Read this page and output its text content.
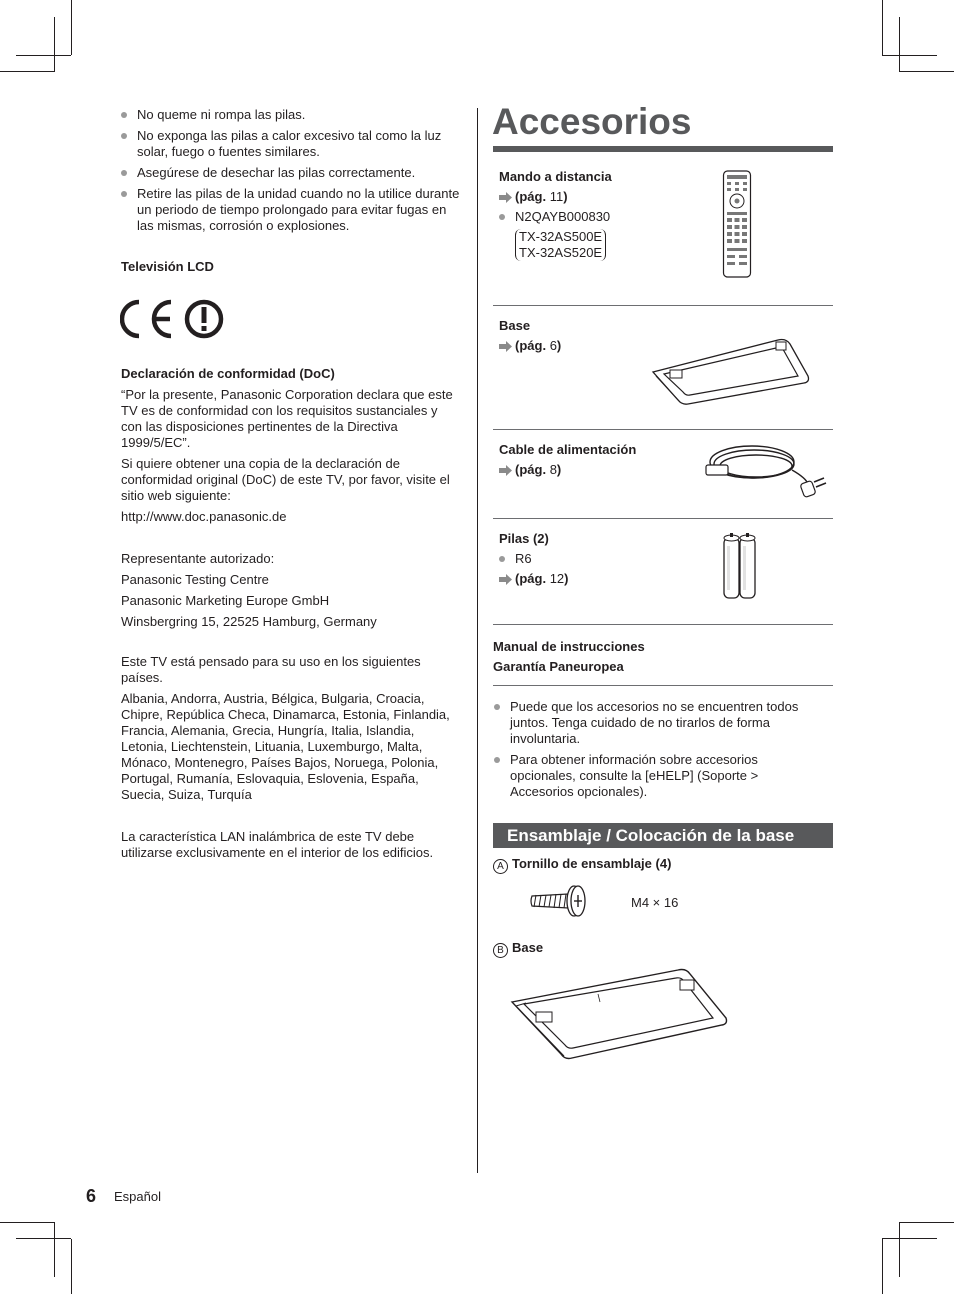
No queme ni rompa las pilas.
No exponga las pilas a calor excesivo tal como la luz solar, fuego o fuentes similares.
Asegúrese de desechar las pilas correctamente.
Retire las pilas de la unidad cuando no la utilice durante un periodo de tiempo prolongado para evitar fugas en las mismas, corrosión o explosiones.
Televisión LCD
Declaración de conformidad (DoC)
“Por la presente, Panasonic Corporation declara que este TV es de conformidad con los requisitos sustanciales y con las disposiciones pertinentes de la Directiva 1999/5/EC”.
Si quiere obtener una copia de la declaración de conformidad original (DoC) de este TV, por favor, visite el sitio web siguiente:
http://www.doc.panasonic.de
Representante autorizado:
Panasonic Testing Centre
Panasonic Marketing Europe GmbH
Winsbergring 15, 22525 Hamburg, Germany
Este TV está pensado para su uso en los siguientes países.
Albania, Andorra, Austria, Bélgica, Bulgaria, Croacia, Chipre, República Checa, Dinamarca, Estonia, Finlandia, Francia, Alemania, Grecia, Hungría, Italia, Islandia, Letonia, Liechtenstein, Lituania, Luxemburgo, Malta, Mónaco, Montenegro, Países Bajos, Noruega, Polonia, Portugal, Rumanía, Eslovaquia, Eslovenia, España, Suecia, Suiza, Turquía
La característica LAN inalámbrica de este TV debe utilizarse exclusivamente en el interior de los edificios.
Accesorios
Mando a distancia
(pág. 11)
N2QAYB000830
TX-32AS500E
TX-32AS520E
Base
(pág. 6)
Cable de alimentación
(pág. 8)
Pilas (2)
R6
(pág. 12)
Manual de instrucciones
Garantía Paneuropea
Puede que los accesorios no se encuentren todos juntos. Tenga cuidado de no tirarlos de forma involuntaria.
Para obtener información sobre accesorios opcionales, consulte la [eHELP] (Soporte > Accesorios opcionales).
Ensamblaje / Colocación de la base
A Tornillo de ensamblaje (4)
M4 × 16
B Base
6 Español
